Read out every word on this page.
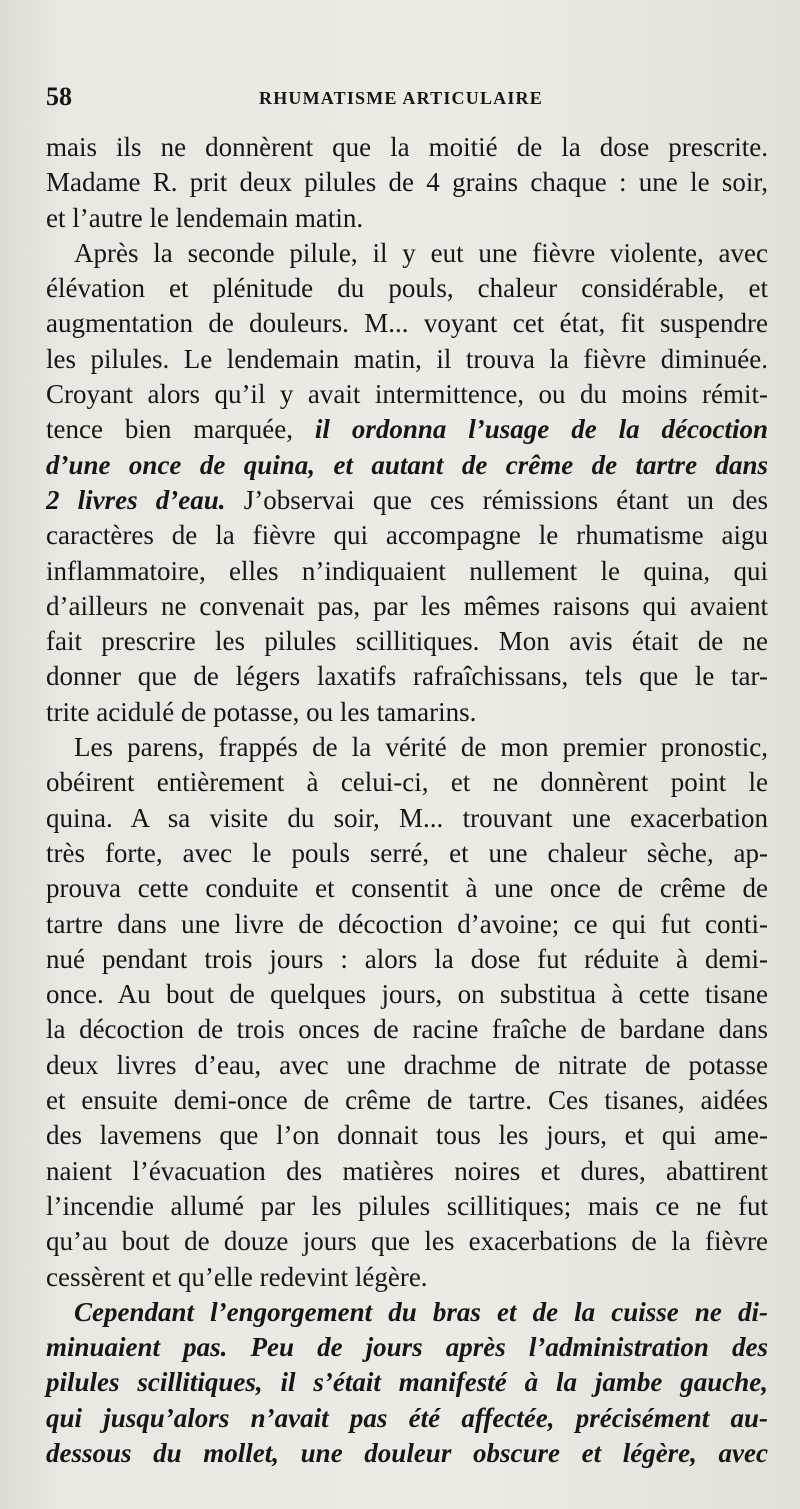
58	RHUMATISME ARTICULAIRE
mais ils ne donnèrent que la moitié de la dose prescrite.
Madame R. prit deux pilules de 4 grains chaque : une le soir,
et l’autre le lendemain matin.
Après la seconde pilule, il y eut une fièvre violente, avec
élévation et plénitude du pouls, chaleur considérable, et
augmentation de douleurs. M... voyant cet état, fit suspendre
les pilules. Le lendemain matin, il trouva la fièvre diminuée.
Croyant alors qu’il y avait intermittence, ou du moins rémit-
tence bien marquée, il ordonna l’usage de la décoction
d’une once de quina, et autant de crême de tartre dans
2 livres d’eau. J’observai que ces rémissions étant un des
caractères de la fièvre qui accompagne le rhumatisme aigu
inflammatoire, elles n’indiquaient nullement le quina, qui
d’ailleurs ne convenait pas, par les mêmes raisons qui avaient
fait prescrire les pilules scillitiques. Mon avis était de ne
donner que de légers laxatifs rafraîchissans, tels que le tar-
trite acidulé de potasse, ou les tamarins.
Les parens, frappés de la vérité de mon premier pronostic,
obéirent entièrement à celui-ci, et ne donnèrent point le
quina. A sa visite du soir, M... trouvant une exacerbation
très forte, avec le pouls serré, et une chaleur sèche, ap-
prouva cette conduite et consentit à une once de crême de
tartre dans une livre de décoction d’avoine; ce qui fut conti-
nué pendant trois jours : alors la dose fut réduite à demi-
once. Au bout de quelques jours, on substitua à cette tisane
la décoction de trois onces de racine fraîche de bardane dans
deux livres d’eau, avec une drachme de nitrate de potasse
et ensuite demi-once de crême de tartre. Ces tisanes, aidées
des lavemens que l’on donnait tous les jours, et qui ame-
naient l’évacuation des matières noires et dures, abattirent
l’incendie allumé par les pilules scillitiques; mais ce ne fut
qu’au bout de douze jours que les exacerbations de la fièvre
cessèrent et qu’elle redevint légère.
Cependant l’engorgement du bras et de la cuisse ne di-
minuaient pas. Peu de jours après l’administration des
pilules scillitiques, il s’était manifesté à la jambe gauche,
qui jusqu’alors n’avait pas été affectée, précisément au-
dessous du mollet, une douleur obscure et légère, avec
